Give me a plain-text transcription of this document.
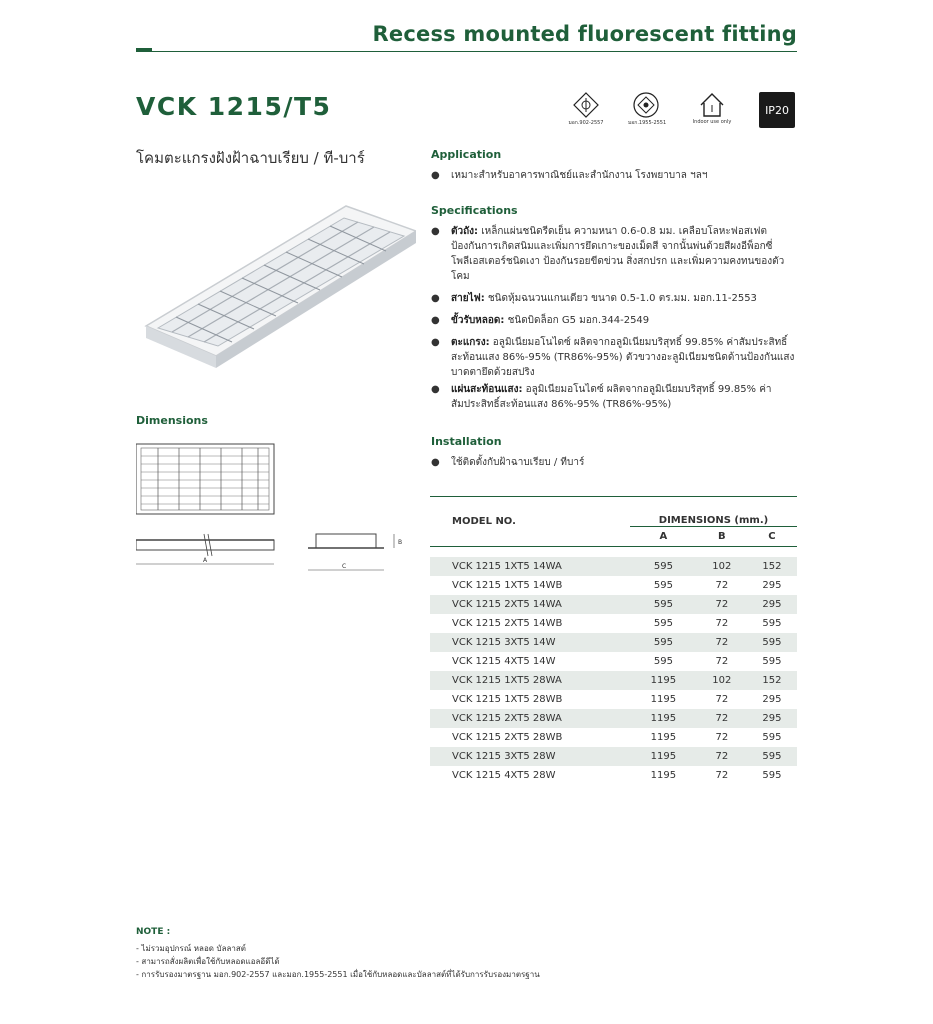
Recess mounted fluorescent fitting
VCK 1215/T5
โคมตะแกรงฝังฝ้าฉาบเรียบ / ที-บาร์
มอก.902-2557	มอก.1955-2551	Indoor use only
IP20
Dimensions
A
C
B
Application
● เหมาะสำหรับอาคารพาณิชย์และสำนักงาน โรงพยาบาล ฯลฯ
Specifications
● ตัวถัง: เหล็กแผ่นชนิดรีดเย็น ความหนา 0.6-0.8 มม. เคลือบโลหะฟอสเฟต ป้องกันการเกิดสนิมและเพิ่มการยึดเกาะของเม็ดสี จากนั้นพ่นด้วยสีผงอีพ็อกซี่ โพลีเอสเตอร์ชนิดเงา ป้องกันรอยขีดข่วน สิ่งสกปรก และเพิ่มความคงทนของตัวโคม
● สายไฟ: ชนิดหุ้มฉนวนแกนเดียว ขนาด 0.5-1.0 ตร.มม. มอก.11-2553
● ขั้วรับหลอด: ชนิดบิดล็อก G5 มอก.344-2549
● ตะแกรง: อลูมิเนียมอโนไดซ์ ผลิตจากอลูมิเนียมบริสุทธิ์ 99.85% ค่าสัมประสิทธิ์สะท้อนแสง 86%-95% (TR86%-95%) ตัวขวางอะลูมิเนียมชนิดด้านป้องกันแสงบาดตายึดด้วยสปริง
● แผ่นสะท้อนแสง: อลูมิเนียมอโนไดซ์ ผลิตจากอลูมิเนียมบริสุทธิ์ 99.85% ค่าสัมประสิทธิ์สะท้อนแสง 86%-95% (TR86%-95%)
Installation
● ใช้ติดตั้งกับฝ้าฉาบเรียบ / ทีบาร์
MODEL NO.	DIMENSIONS (mm.)		
	A	B	C

VCK 1215 1XT5 14WA	595	102	152
VCK 1215 1XT5 14WB	595	72	295
VCK 1215 2XT5 14WA	595	72	295
VCK 1215 2XT5 14WB	595	72	595
VCK 1215 3XT5 14W	595	72	595
VCK 1215 4XT5 14W	595	72	595
VCK 1215 1XT5 28WA	1195	102	152
VCK 1215 1XT5 28WB	1195	72	295
VCK 1215 2XT5 28WA	1195	72	295
VCK 1215 2XT5 28WB	1195	72	595
VCK 1215 3XT5 28W	1195	72	595
VCK 1215 4XT5 28W	1195	72	595
NOTE :
- ไม่รวมอุปกรณ์ หลอด บัลลาสต์
- สามารถสั่งผลิตเพื่อใช้กับหลอดแอลอีดีได้
- การรับรองมาตรฐาน มอก.902-2557 และมอก.1955-2551 เมื่อใช้กับหลอดและบัลลาสต์ที่ได้รับการรับรองมาตรฐาน
